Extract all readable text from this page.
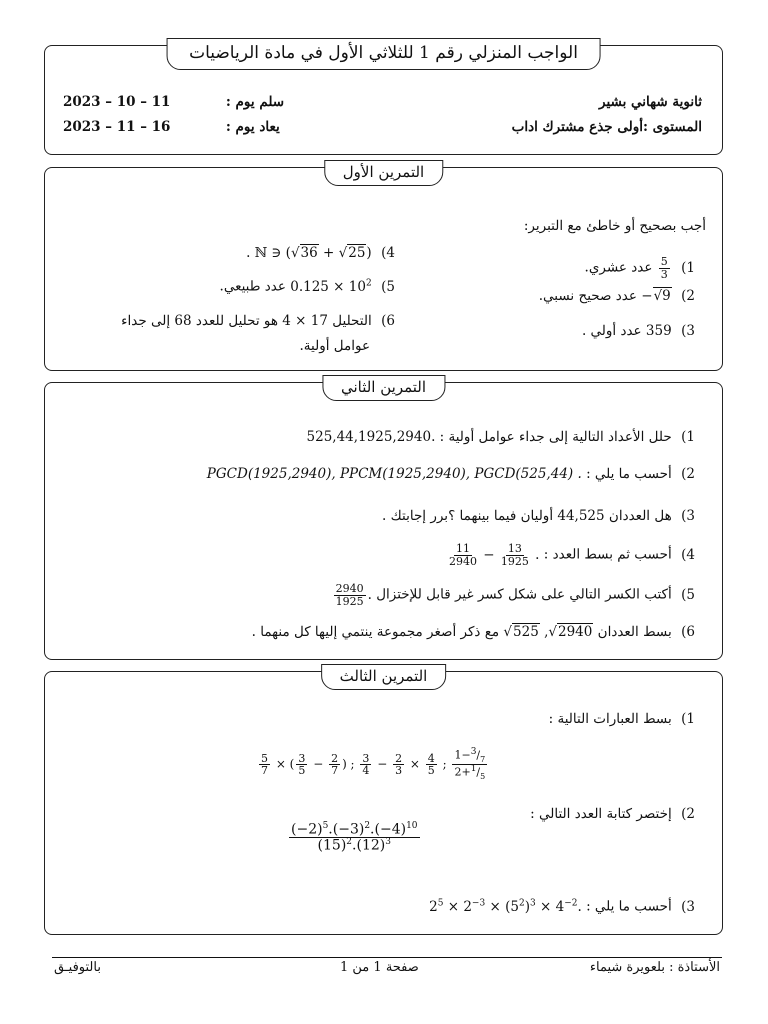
الواجب المنزلي رقم 1 للثلاثي الأول في مادة الرياضيات
ثانوية شهاني بشير
المستوى :أولى جذع مشترك اداب
2023 – 10 – 11	سلم يوم :
2023 – 11 – 16	يعاد يوم :
التمرين الأول
أجب بصحيح أو خاطئ مع التبرير:
1)
$\frac{5}{3}$
عدد عشري.
2) −√9 عدد صحيح نسبي.
3) 359 عدد أولي .
4) (√36 + √25) ∈ ℕ .
5) $0.125 \times 10^2$ عدد طبيعي.
6) التحليل 17 × 4 هو تحليل للعدد 68 إلى جداء
عوامل أولية.
التمرين الثاني
1) حلل الأعداد التالية إلى جداء عوامل أولية : .525,44,1925,2940
2) أحسب ما يلي : PGCD(1925,2940), PPCM(1925,2940), PGCD(525,44) .
3) هل العددان 44,525 أوليان فيما بينهما ؟برر إجابتك .
4) أحسب ثم بسط العدد :
$\frac{11}{2940} - \frac{13}{1925}$ .
5) أكتب الكسر التالي على شكل كسر غير قابل للإختزال
$\frac{2940}{1925}$ .
6) بسط العددان √525 ,√2940 مع ذكر أصغر مجموعة ينتمي إليها كل منهما .
التمرين الثالث
1) بسط العبارات التالية :
$\frac{5}{7}$ × ( $\frac{3}{5} - \frac{2}{7}$ ) ; $\frac{3}{4} - \frac{2}{3} \times \frac{4}{5}$ ; $\frac{1-^3/_7}{2+^1/_5}$
2) إختصر كتابة العدد التالي :
$\frac{(-2)^5.(-3)^2.(-4)^{10}}{(15)^2.(12)^3}$
3) أحسب ما يلي : $2^5 \times 2^{-3} \times (5^2)^3 \times 4^{-2}$.
الأستاذة : بلعويرة شيماء
صفحة 1 من 1
بالتوفيـق
